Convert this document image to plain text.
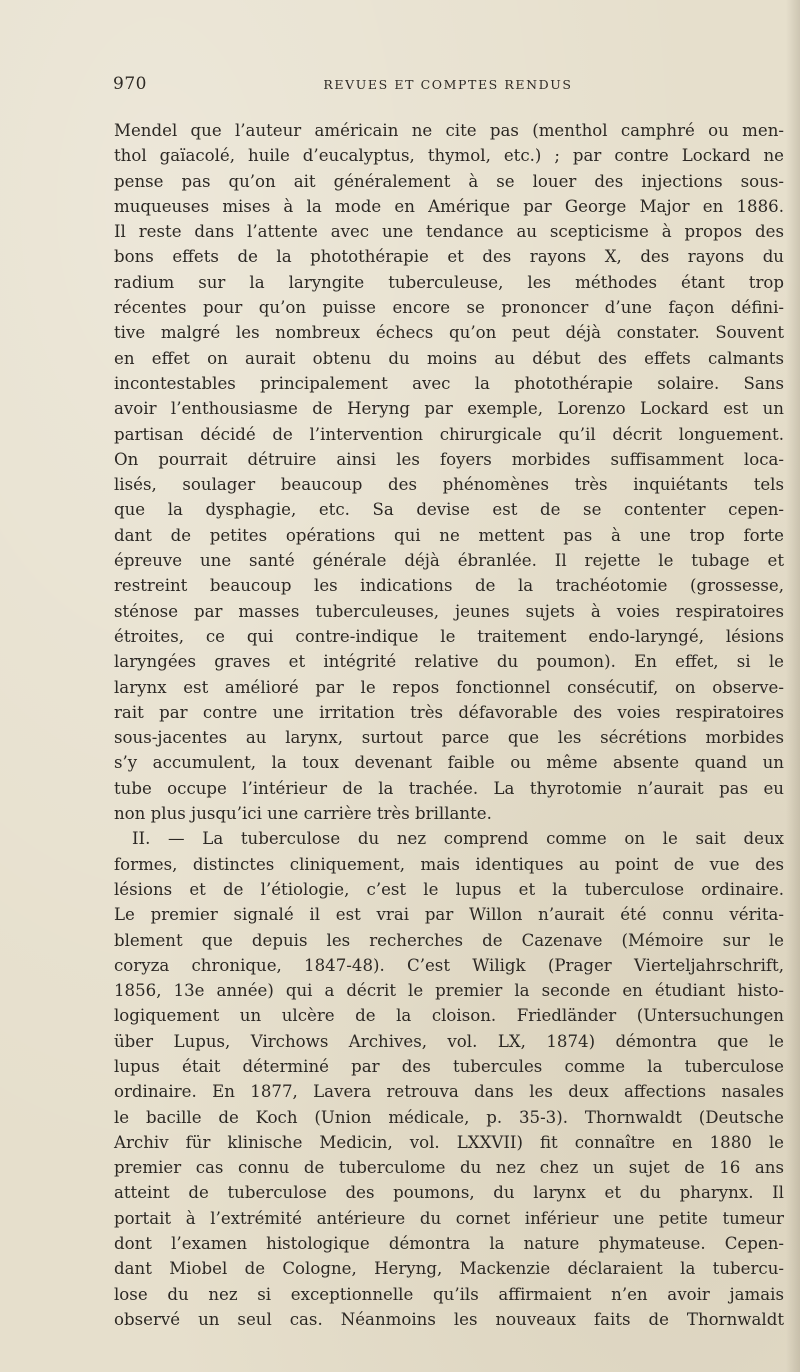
970	REVUES ET COMPTES RENDUS
Mendel que l’auteur américain ne cite pas (menthol camphré ou men-
thol gaïacolé, huile d’eucalyptus, thymol, etc.) ; par contre Lockard ne
pense pas qu’on ait généralement à se louer des injections sous-
muqueuses mises à la mode en Amérique par George Major en 1886.
Il reste dans l’attente avec une tendance au scepticisme à propos des
bons effets de la photothérapie et des rayons X, des rayons du
radium sur la laryngite tuberculeuse, les méthodes étant trop
récentes pour qu’on puisse encore se prononcer d’une façon défini-
tive malgré les nombreux échecs qu’on peut déjà constater. Souvent
en effet on aurait obtenu du moins au début des effets calmants
incontestables principalement avec la photothérapie solaire. Sans
avoir l’enthousiasme de Heryng par exemple, Lorenzo Lockard est un
partisan décidé de l’intervention chirurgicale qu’il décrit longuement.
On pourrait détruire ainsi les foyers morbides suffisamment loca-
lisés, soulager beaucoup des phénomènes très inquiétants tels
que la dysphagie, etc. Sa devise est de se contenter cepen-
dant de petites opérations qui ne mettent pas à une trop forte
épreuve une santé générale déjà ébranlée. Il rejette le tubage et
restreint beaucoup les indications de la trachéotomie (grossesse,
sténose par masses tuberculeuses, jeunes sujets à voies respiratoires
étroites, ce qui contre-indique le traitement endo-laryngé, lésions
laryngées graves et intégrité relative du poumon). En effet, si le
larynx est amélioré par le repos fonctionnel consécutif, on observe-
rait par contre une irritation très défavorable des voies respiratoires
sous-jacentes au larynx, surtout parce que les sécrétions morbides
s’y accumulent, la toux devenant faible ou même absente quand un
tube occupe l’intérieur de la trachée. La thyrotomie n’aurait pas eu
non plus jusqu’ici une carrière très brillante.
II. — La tuberculose du nez comprend comme on le sait deux
formes, distinctes cliniquement, mais identiques au point de vue des
lésions et de l’étiologie, c’est le lupus et la tuberculose ordinaire.
Le premier signalé il est vrai par Willon n’aurait été connu vérita-
blement que depuis les recherches de Cazenave (Mémoire sur le
coryza chronique, 1847-48). C’est Wiligk (Prager Vierteljahrschrift,
1856, 13e année) qui a décrit le premier la seconde en étudiant histo-
logiquement un ulcère de la cloison. Friedländer (Untersuchungen
über Lupus, Virchows Archives, vol. LX, 1874) démontra que le
lupus était déterminé par des tubercules comme la tuberculose
ordinaire. En 1877, Lavera retrouva dans les deux affections nasales
le bacille de Koch (Union médicale, p. 35-3). Thornwaldt (Deutsche
Archiv für klinische Medicin, vol. LXXVII) fit connaître en 1880 le
premier cas connu de tuberculome du nez chez un sujet de 16 ans
atteint de tuberculose des poumons, du larynx et du pharynx. Il
portait à l’extrémité antérieure du cornet inférieur une petite tumeur
dont l’examen histologique démontra la nature phymateuse. Cepen-
dant Miobel de Cologne, Heryng, Mackenzie déclaraient la tubercu-
lose du nez si exceptionnelle qu’ils affirmaient n’en avoir jamais
observé un seul cas. Néanmoins les nouveaux faits de Thornwaldt
